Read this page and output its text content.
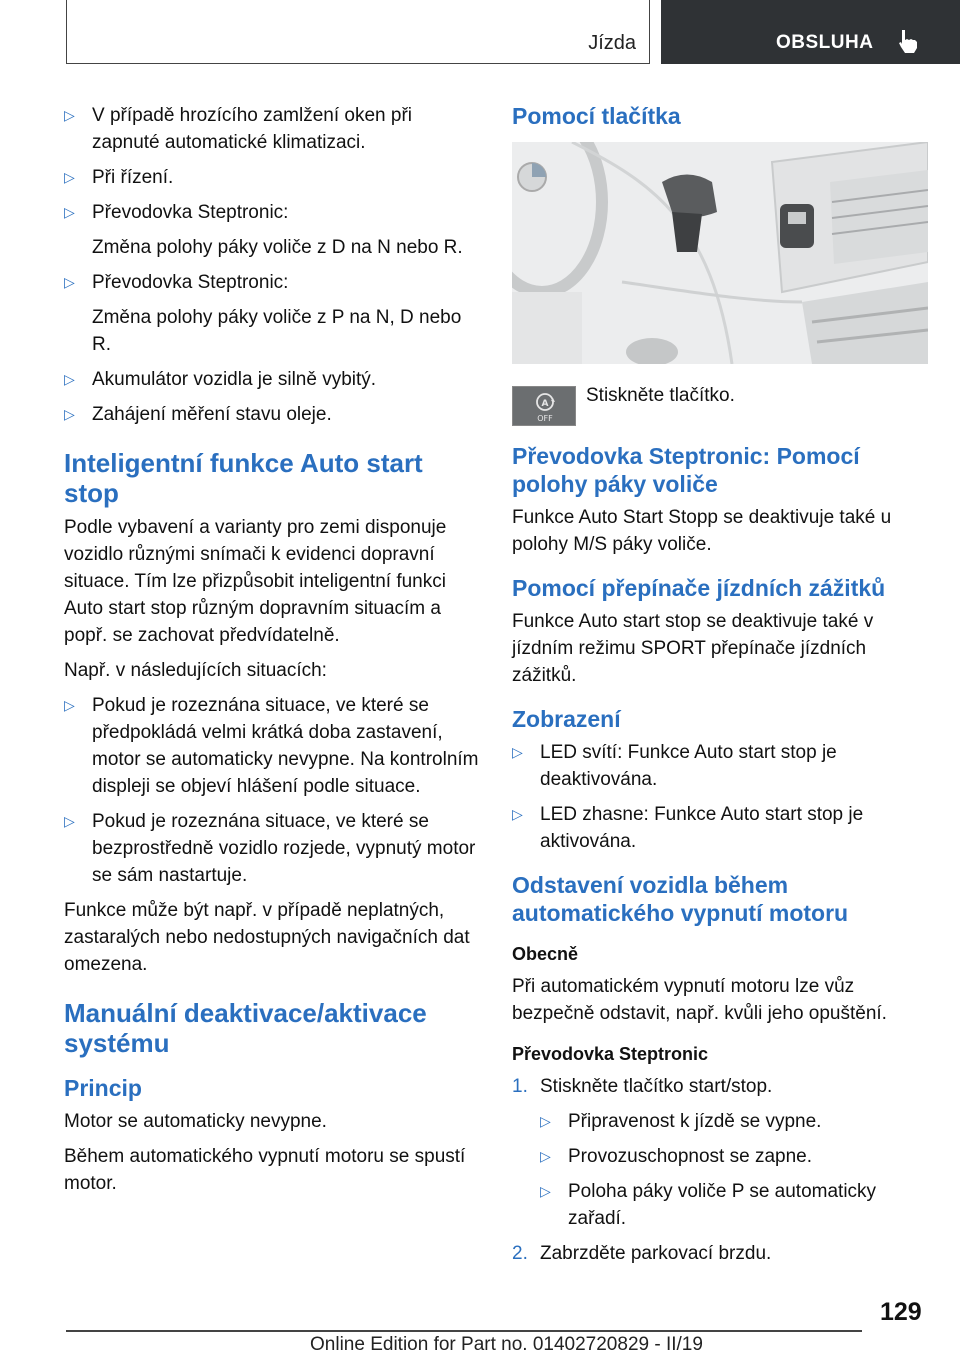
Jízda	OBSLUHA
▷ V případě hrozícího zamlžení oken při zapnuté automatické klimatizaci.
▷ Při řízení.
▷ Převodovka Steptronic:
Změna polohy páky voliče z D na N nebo R.
▷ Převodovka Steptronic:
Změna polohy páky voliče z P na N, D nebo R.
▷ Akumulátor vozidla je silně vybitý.
▷ Zahájení měření stavu oleje.
Inteligentní funkce Auto start stop
Podle vybavení a varianty pro zemi disponuje vozidlo různými snímači k evidenci dopravní situace. Tím lze přizpůsobit inteligentní funkci Auto start stop různým dopravním situacím a popř. se zachovat předvídatelně.
Např. v následujících situacích:
▷ Pokud je rozeznána situace, ve které se předpokládá velmi krátká doba zastavení, motor se automaticky nevypne. Na kontrolním displeji se objeví hlášení podle situace.
▷ Pokud je rozeznána situace, ve které se bezprostředně vozidlo rozjede, vypnutý motor se sám nastartuje.
Funkce může být např. v případě neplatných, zastaralých nebo nedostupných navigačních dat omezena.
Manuální deaktivace/aktivace systému
Princip
Motor se automaticky nevypne.
Během automatického vypnutí motoru se spustí motor.
Pomocí tlačítka
A
OFF
Stiskněte tlačítko.
Převodovka Steptronic: Pomocí polohy páky voliče
Funkce Auto Start Stopp se deaktivuje také u polohy M/S páky voliče.
Pomocí přepínače jízdních zážitků
Funkce Auto start stop se deaktivuje také v jízdním režimu SPORT přepínače jízdních zážitků.
Zobrazení
▷ LED svítí: Funkce Auto start stop je deaktivována.
▷ LED zhasne: Funkce Auto start stop je aktivována.
Odstavení vozidla během automatického vypnutí motoru
Obecně
Při automatickém vypnutí motoru lze vůz bezpečně odstavit, např. kvůli jeho opuštění.
Převodovka Steptronic
1. Stiskněte tlačítko start/stop.
▷ Připravenost k jízdě se vypne.
▷ Provozuschopnost se zapne.
▷ Poloha páky voliče P se automaticky zařadí.
2. Zabrzděte parkovací brzdu.
129
Online Edition for Part no. 01402720829 - II/19
